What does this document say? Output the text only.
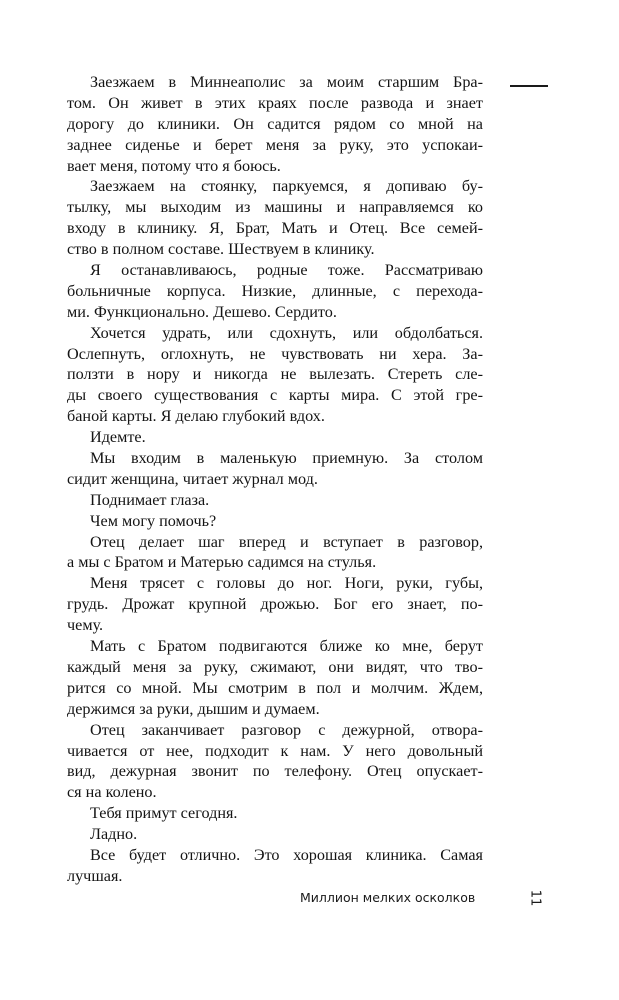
Заезжаем в Миннеаполис за моим старшим Бра-
том. Он живет в этих краях после развода и знает
дорогу до клиники. Он садится рядом со мной на
заднее сиденье и берет меня за руку, это успокаи-
вает меня, потому что я боюсь.
Заезжаем на стоянку, паркуемся, я допиваю бу-
тылку, мы выходим из машины и направляемся ко
входу в клинику. Я, Брат, Мать и Отец. Все семей-
ство в полном составе. Шествуем в клинику.
Я останавливаюсь, родные тоже. Рассматриваю
больничные корпуса. Низкие, длинные, с перехода-
ми. Функционально. Дешево. Сердито.
Хочется удрать, или сдохнуть, или обдолбаться.
Ослепнуть, оглохнуть, не чувствовать ни хера. За-
ползти в нору и никогда не вылезать. Стереть сле-
ды своего существования с карты мира. С этой гре-
баной карты. Я делаю глубокий вдох.
Идемте.
Мы входим в маленькую приемную. За столом
сидит женщина, читает журнал мод.
Поднимает глаза.
Чем могу помочь?
Отец делает шаг вперед и вступает в разговор,
а мы с Братом и Матерью садимся на стулья.
Меня трясет с головы до ног. Ноги, руки, губы,
грудь. Дрожат крупной дрожью. Бог его знает, по-
чему.
Мать с Братом подвигаются ближе ко мне, берут
каждый меня за руку, сжимают, они видят, что тво-
рится со мной. Мы смотрим в пол и молчим. Ждем,
держимся за руки, дышим и думаем.
Отец заканчивает разговор с дежурной, отвора-
чивается от нее, подходит к нам. У него довольный
вид, дежурная звонит по телефону. Отец опускает-
ся на колено.
Тебя примут сегодня.
Ладно.
Все будет отлично. Это хорошая клиника. Самая
лучшая.
Миллион мелких осколков	11
